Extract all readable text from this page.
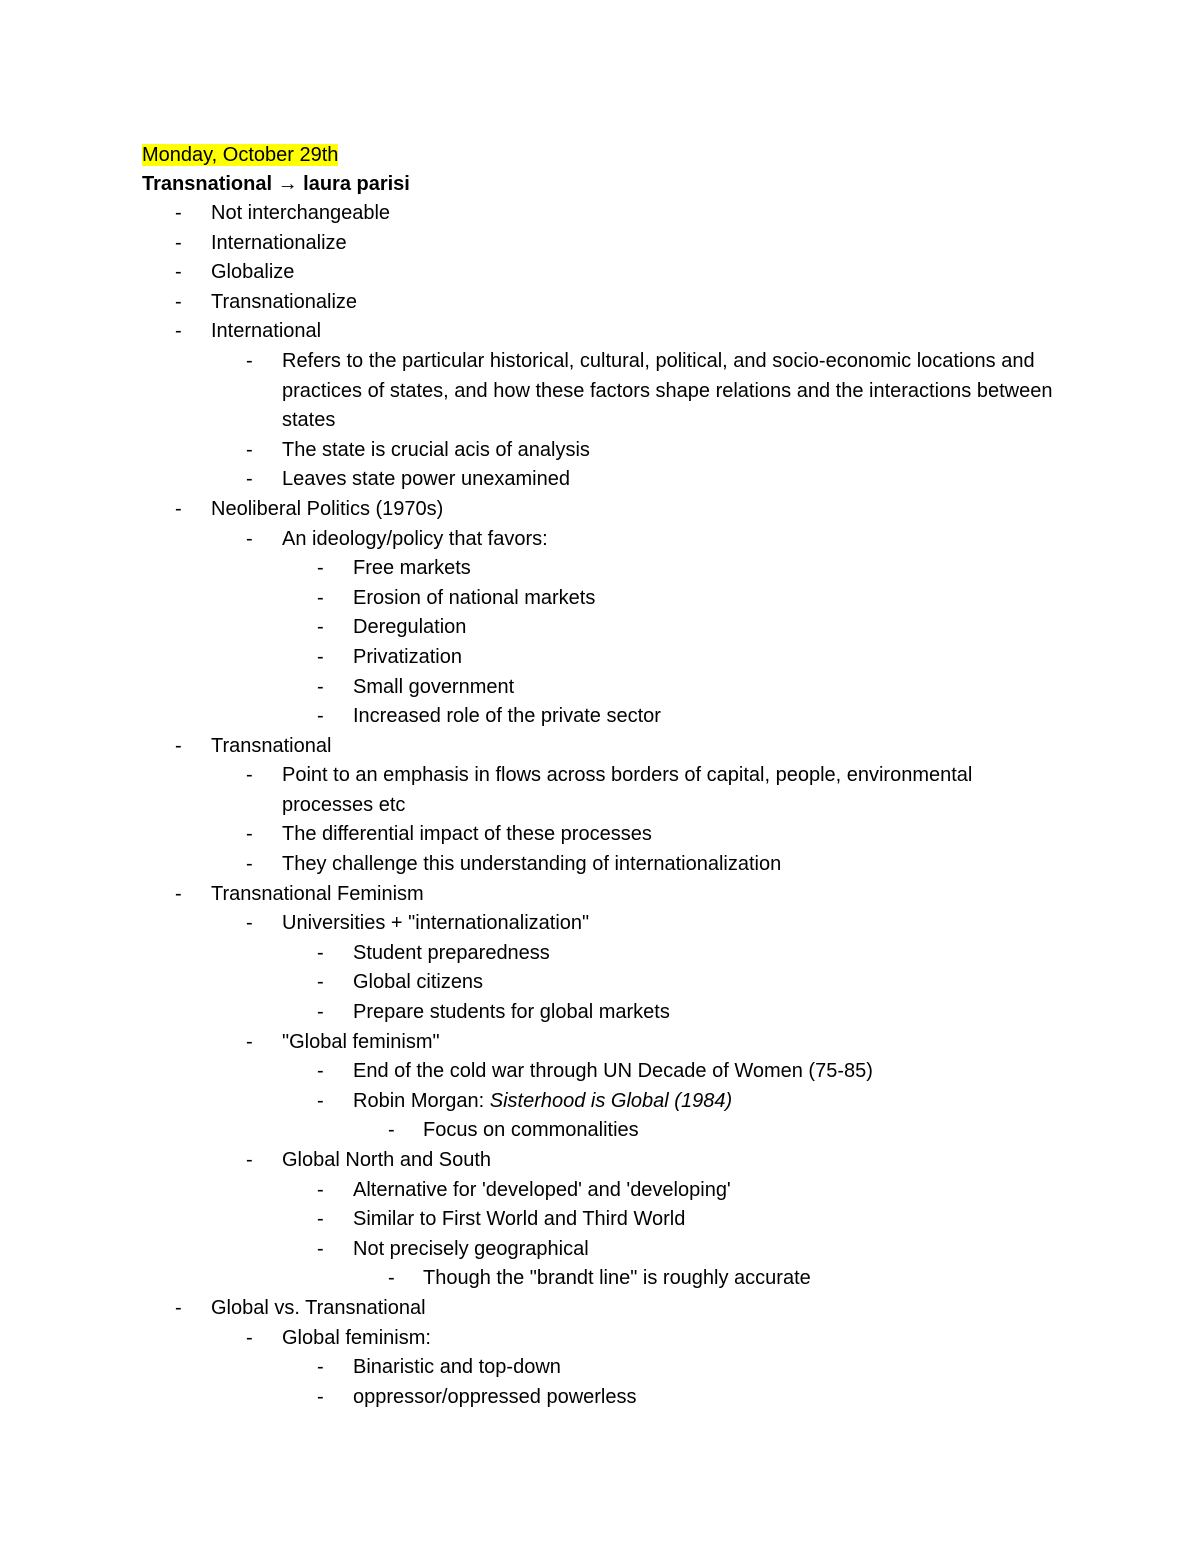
Monday, October 29th
Transnational → laura parisi
- Not interchangeable
- Internationalize
- Globalize
- Transnationalize
- International
- Refers to the particular historical, cultural, political, and socio-economic locations and practices of states, and how these factors shape relations and the interactions between states
- The state is crucial acis of analysis
- Leaves state power unexamined
- Neoliberal Politics (1970s)
- An ideology/policy that favors:
- Free markets
- Erosion of national markets
- Deregulation
- Privatization
- Small government
- Increased role of the private sector
- Transnational
- Point to an emphasis in flows across borders of capital, people, environmental processes etc
- The differential impact of these processes
- They challenge this understanding of internationalization
- Transnational Feminism
- Universities + "internationalization"
- Student preparedness
- Global citizens
- Prepare students for global markets
- "Global feminism"
- End of the cold war through UN Decade of Women (75-85)
- Robin Morgan: Sisterhood is Global (1984)
- Focus on commonalities
- Global North and South
- Alternative for 'developed' and 'developing'
- Similar to First World and Third World
- Not precisely geographical
- Though the "brandt line" is roughly accurate
- Global vs. Transnational
- Global feminism:
- Binaristic and top-down
- oppressor/oppressed powerless
